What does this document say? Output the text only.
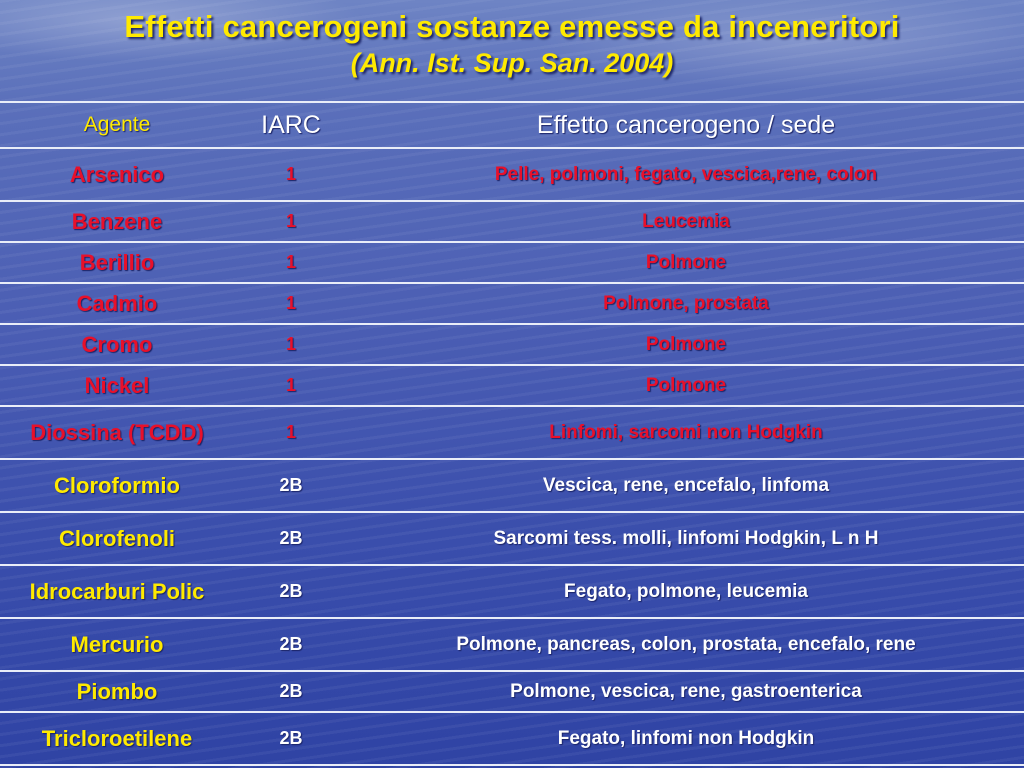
Effetti cancerogeni sostanze emesse da inceneritori
(Ann. Ist. Sup. San. 2004)
Agente	IARC	Effetto cancerogeno / sede
Arsenico	1	Pelle, polmoni, fegato, vescica,rene, colon
Benzene	1	Leucemia
Berillio	1	Polmone
Cadmio	1	Polmone, prostata
Cromo	1	Polmone
Nickel	1	Polmone
Diossina (TCDD)	1	Linfomi, sarcomi non Hodgkin
Cloroformio	2B	Vescica, rene, encefalo, linfoma
Clorofenoli	2B	Sarcomi tess. molli, linfomi Hodgkin, L n H
Idrocarburi Polic	2B	Fegato, polmone, leucemia
Mercurio	2B	Polmone, pancreas, colon, prostata, encefalo, rene
Piombo	2B	Polmone, vescica, rene, gastroenterica
Tricloroetilene	2B	Fegato, linfomi non Hodgkin
